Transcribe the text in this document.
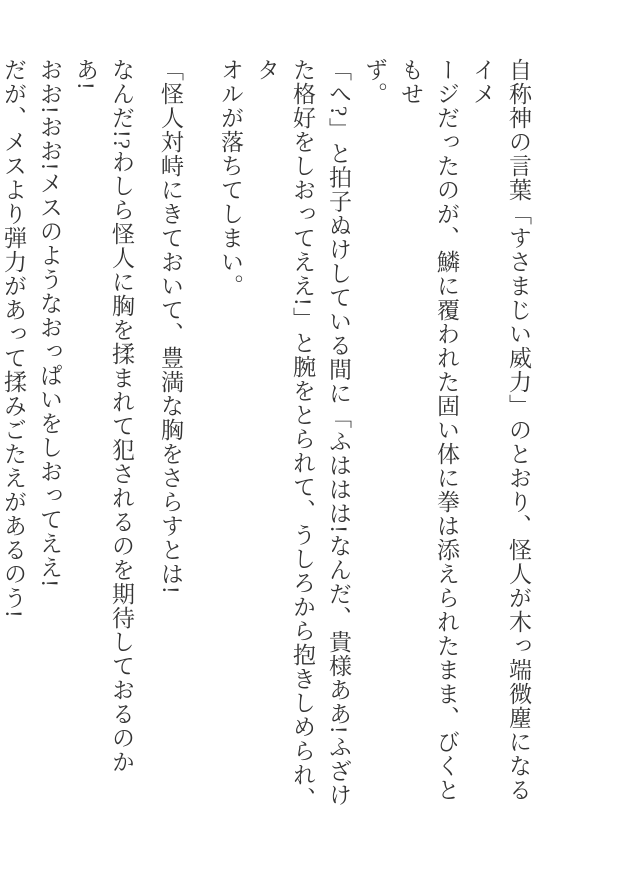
自称神の言葉「すさまじい威力」のとおり、怪人が木っ端微塵になるイメ
ージだったのが、鱗に覆われた固い体に拳は添えられたまま、びくともせ
ず。

「へ?」と拍子ぬけしている間に「ふははは!なんだ、貴様ああ!ふざけ
た格好をしおってええ!」と腕をとられて、うしろから抱きしめられ、タ
オルが落ちてしまい。

「怪人対峙にきておいて、豊満な胸をさらすとは!

なんだ!?わしら怪人に胸を揉まれて犯されるのを期待しておるのか
あ!
おお!おお!メスのようなおっぱいをしおってええ!
だが、メスより弾力があって揉みごたえがあるのう!
